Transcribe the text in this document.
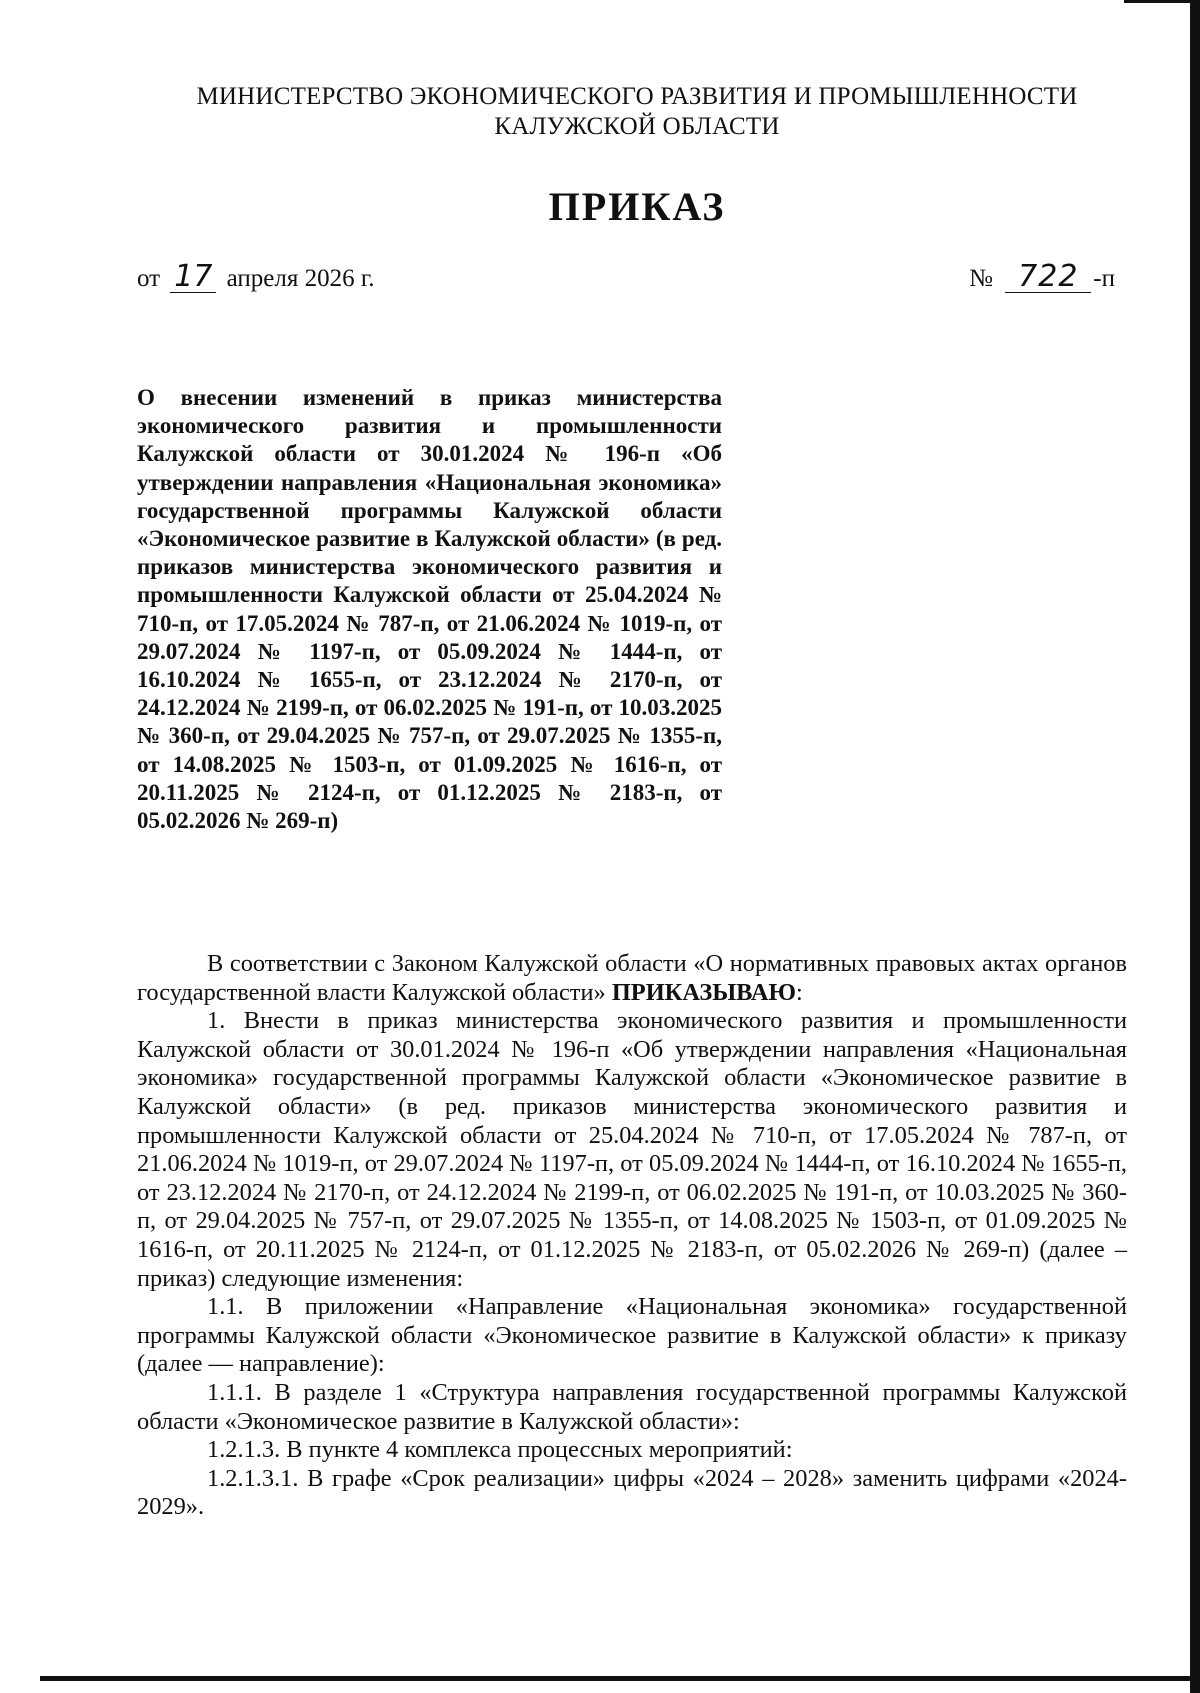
МИНИСТЕРСТВО ЭКОНОМИЧЕСКОГО РАЗВИТИЯ И ПРОМЫШЛЕННОСТИ
КАЛУЖСКОЙ ОБЛАСТИ
ПРИКАЗ
от 17 апреля 2026 г.	№ 722 -п
О внесении изменений в приказ министерства экономического развития и промышленности Калужской области от 30.01.2024 № 196-п «Об утверждении направления «Национальная экономика» государственной программы Калужской области «Экономическое развитие в Калужской области» (в ред. приказов министерства экономического развития и промышленности Калужской области от 25.04.2024 № 710-п, от 17.05.2024 № 787-п, от 21.06.2024 № 1019-п, от 29.07.2024 № 1197-п, от 05.09.2024 № 1444-п, от 16.10.2024 № 1655-п, от 23.12.2024 № 2170-п, от 24.12.2024 № 2199-п, от 06.02.2025 № 191-п, от 10.03.2025 № 360-п, от 29.04.2025 № 757-п, от 29.07.2025 № 1355-п, от 14.08.2025 № 1503-п, от 01.09.2025 № 1616-п, от 20.11.2025 № 2124-п, от 01.12.2025 № 2183-п, от 05.02.2026 № 269-п)

В соответствии с Законом Калужской области «О нормативных правовых актах органов государственной власти Калужской области» ПРИКАЗЫВАЮ:

1. Внести в приказ министерства экономического развития и промышленности Калужской области от 30.01.2024 № 196-п «Об утверждении направления «Национальная экономика» государственной программы Калужской области «Экономическое развитие в Калужской области» (в ред. приказов министерства экономического развития и промышленности Калужской области от 25.04.2024 № 710-п, от 17.05.2024 № 787-п, от 21.06.2024 № 1019-п, от 29.07.2024 № 1197-п, от 05.09.2024 № 1444-п, от 16.10.2024 № 1655-п, от 23.12.2024 № 2170-п, от 24.12.2024 № 2199-п, от 06.02.2025 № 191-п, от 10.03.2025 № 360-п, от 29.04.2025 № 757-п, от 29.07.2025 № 1355-п, от 14.08.2025 № 1503-п, от 01.09.2025 № 1616-п, от 20.11.2025 № 2124-п, от 01.12.2025 № 2183-п, от 05.02.2026 № 269-п) (далее – приказ) следующие изменения:

1.1. В приложении «Направление «Национальная экономика» государственной программы Калужской области «Экономическое развитие в Калужской области» к приказу (далее — направление):

1.1.1. В разделе 1 «Структура направления государственной программы Калужской области «Экономическое развитие в Калужской области»:

1.2.1.3. В пункте 4 комплекса процессных мероприятий:

1.2.1.3.1. В графе «Срок реализации» цифры «2024 – 2028» заменить цифрами «2024-2029».
